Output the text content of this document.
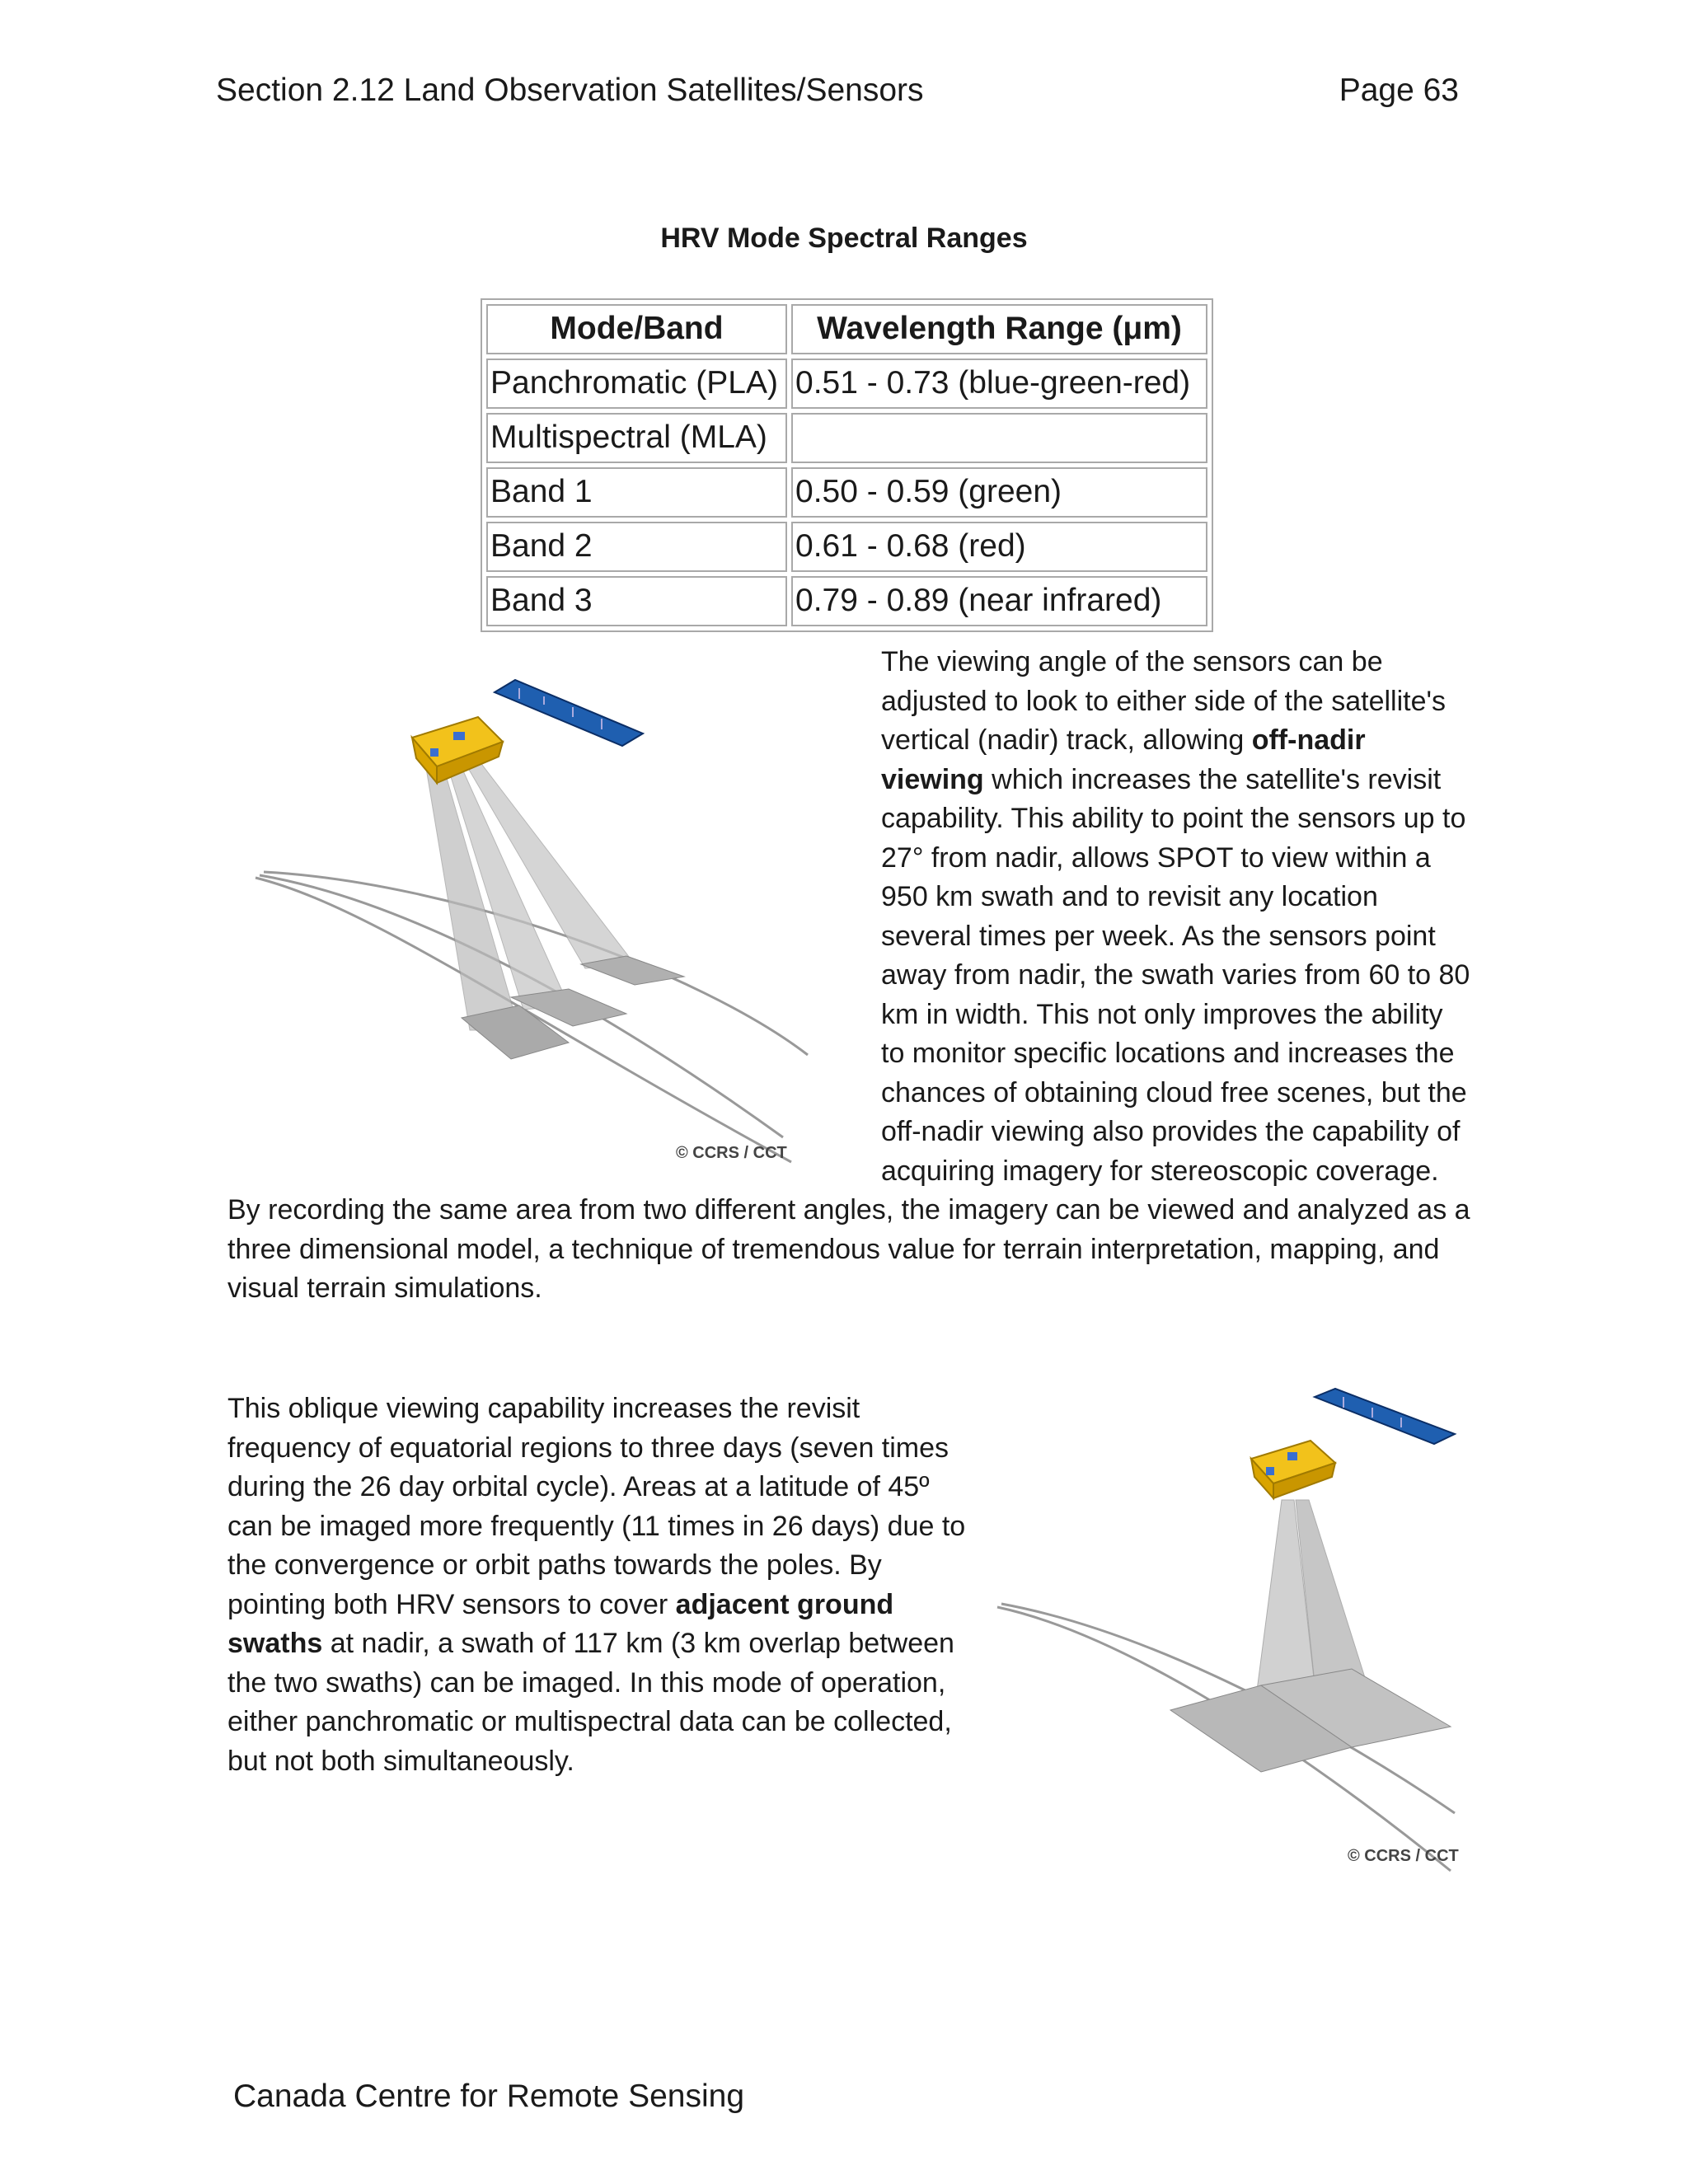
Section 2.12 Land Observation Satellites/Sensors	Page 63
HRV Mode Spectral Ranges
Mode/Band	Wavelength Range (μm)
Panchromatic (PLA)	0.51 - 0.73 (blue-green-red)
Multispectral (MLA)	
Band 1	0.50 - 0.59 (green)
Band 2	0.61 - 0.68 (red)
Band 3	0.79 - 0.89 (near infrared)
© CCRS / CCT
The viewing angle of the sensors can be adjusted to look to either side of the satellite's vertical (nadir) track, allowing off-nadir viewing which increases the satellite's revisit capability. This ability to point the sensors up to 27° from nadir, allows SPOT to view within a 950 km swath and to revisit any location several times per week. As the sensors point away from nadir, the swath varies from 60 to 80 km in width. This not only improves the ability to monitor specific locations and increases the chances of obtaining cloud free scenes, but the off-nadir viewing also provides the capability of acquiring imagery for stereoscopic coverage. By recording the same area from two different angles, the imagery can be viewed and analyzed as a three dimensional model, a technique of tremendous value for terrain interpretation, mapping, and visual terrain simulations.
This oblique viewing capability increases the revisit frequency of equatorial regions to three days (seven times during the 26 day orbital cycle). Areas at a latitude of 45º can be imaged more frequently (11 times in 26 days) due to the convergence or orbit paths towards the poles. By pointing both HRV sensors to cover adjacent ground swaths at nadir, a swath of 117 km (3 km overlap between the two swaths) can be imaged. In this mode of operation, either panchromatic or multispectral data can be collected, but not both simultaneously.
© CCRS / CCT
Canada Centre for Remote Sensing
